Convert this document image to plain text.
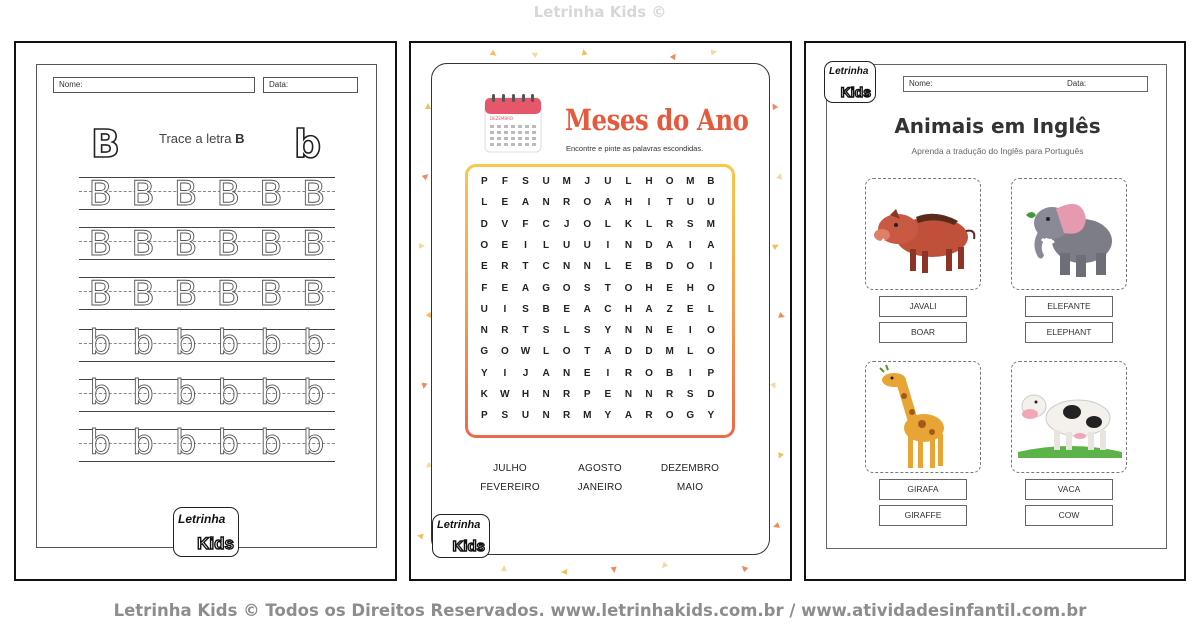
Letrinha Kids ©
Nome:	Data:
B	Trace a letra B b
B B B B B B
B B B B B B
B B B B B B
b b b b b b
b b b b b b
b b b b b b
Letrinha
Kids
DEZEMBRO Meses do Ano
Encontre e pinte as palavras escondidas.
P	F	S	U	M	J	U	L	H	O	M	B
L	E	A	N	R	O	A	H	I	T	U	U
D	V	F	C	J	O	L	K	L	R	S	M
O	E	I	L	U	U	I	N	D	A	I	A
E	R	T	C	N	N	L	E	B	D	O	I
F	E	A	G	O	S	T	O	H	E	H	O
U	I	S	B	E	A	C	H	A	Z	E	L
N	R	T	S	L	S	Y	N	N	E	I	O
G	O	W	L	O	T	A	D	D	M	L	O
Y	I	J	A	N	E	I	R	O	B	I	P
K	W	H	N	R	P	E	N	N	R	S	D
P	S	U	N	R	M	Y	A	R	O	G	Y
JULHO	AGOSTO	DEZEMBRO
FEVEREIRO	JANEIRO	MAIO
Letrinha
Kids
Letrinha
Kids
Nome:	Data:
Animais em Inglês
Aprenda a tradução do Inglês para Português
JAVALI
BOAR
ELEFANTE
ELEPHANT
GIRAFA
GIRAFFE
VACA
COW
Letrinha Kids © Todos os Direitos Reservados. www.letrinhakids.com.br / www.atividadesinfantil.com.br
